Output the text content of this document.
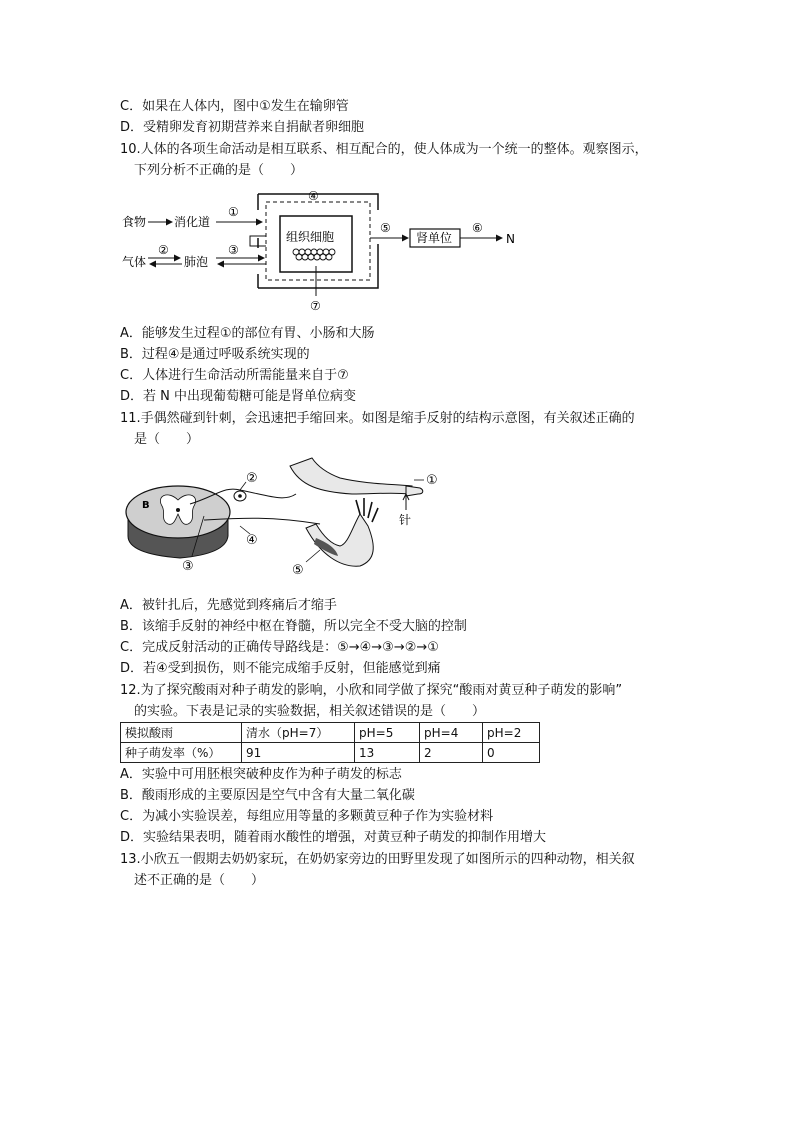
C．如果在人体内，图中①发生在输卵管
D．受精卵发育初期营养来自捐献者卵细胞
10.人体的各项生命活动是相互联系、相互配合的，使人体成为一个统一的整体。观察图示，
下列分析不正确的是（　　）
组织细胞
④
食物 消化道
①
气体
②
肺泡
③
⑤
肾单位
⑥
N
⑦
A．能够发生过程①的部位有胃、小肠和大肠
B．过程④是通过呼吸系统实现的
C．人体进行生命活动所需能量来自于⑦
D．若 N 中出现葡萄糖可能是肾单位病变
11.手偶然碰到针刺，会迅速把手缩回来。如图是缩手反射的结构示意图，有关叙述正确的
是（　　）
B
②
④
③	⑤
针
①
A．被针扎后，先感觉到疼痛后才缩手
B．该缩手反射的神经中枢在脊髓，所以完全不受大脑的控制
C．完成反射活动的正确传导路线是：⑤→④→③→②→①
D．若④受到损伤，则不能完成缩手反射，但能感觉到痛
12.为了探究酸雨对种子萌发的影响，小欣和同学做了探究“酸雨对黄豆种子萌发的影响”
的实验。下表是记录的实验数据，相关叙述错误的是（　　）
模拟酸雨	清水（pH=7）	pH=5	pH=4	pH=2
种子萌发率（%）	91	13	2	0
A．实验中可用胚根突破种皮作为种子萌发的标志
B．酸雨形成的主要原因是空气中含有大量二氧化碳
C．为减小实验误差，每组应用等量的多颗黄豆种子作为实验材料
D．实验结果表明，随着雨水酸性的增强，对黄豆种子萌发的抑制作用增大
13.小欣五一假期去奶奶家玩，在奶奶家旁边的田野里发现了如图所示的四种动物，相关叙
述不正确的是（　　）
